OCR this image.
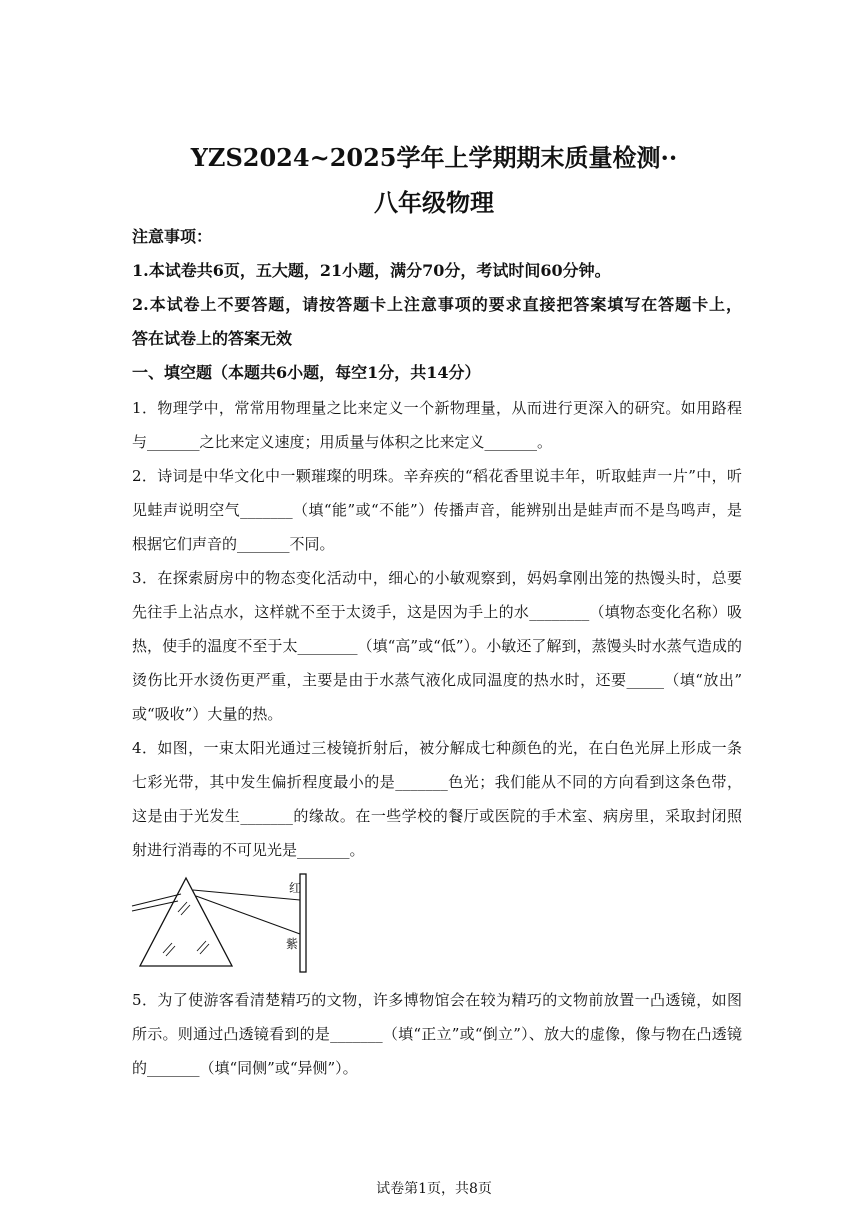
YZS2024~2025学年上学期期末质量检测··
八年级物理
注意事项：
1.本试卷共6页，五大题，21小题，满分70分，考试时间60分钟。
2.本试卷上不要答题，请按答题卡上注意事项的要求直接把答案填写在答题卡上，
答在试卷上的答案无效
一、填空题（本题共6小题，每空1分，共14分）
1．物理学中，常常用物理量之比来定义一个新物理量，从而进行更深入的研究。如用路程
与_______之比来定义速度；用质量与体积之比来定义_______。
2．诗词是中华文化中一颗璀璨的明珠。辛弃疾的“稻花香里说丰年，听取蛙声一片”中，听
见蛙声说明空气_______（填“能”或“不能”）传播声音，能辨别出是蛙声而不是鸟鸣声，是
根据它们声音的_______不同。
3．在探索厨房中的物态变化活动中，细心的小敏观察到，妈妈拿刚出笼的热馒头时，总要
先往手上沾点水，这样就不至于太烫手，这是因为手上的水________（填物态变化名称）吸
热，使手的温度不至于太________（填“高”或“低”）。小敏还了解到，蒸馒头时水蒸气造成的
烫伤比开水烫伤更严重，主要是由于水蒸气液化成同温度的热水时，还要_____（填“放出”
或“吸收”）大量的热。
4．如图，一束太阳光通过三棱镜折射后，被分解成七种颜色的光，在白色光屏上形成一条
七彩光带，其中发生偏折程度最小的是_______色光；我们能从不同的方向看到这条色带，
这是由于光发生_______的缘故。在一些学校的餐厅或医院的手术室、病房里，采取封闭照
射进行消毒的不可见光是_______。
红
紫
5．为了使游客看清楚精巧的文物，许多博物馆会在较为精巧的文物前放置一凸透镜，如图
所示。则通过凸透镜看到的是_______（填“正立”或“倒立”）、放大的虚像，像与物在凸透镜
的_______（填“同侧”或“异侧”）。
试卷第1页，共8页
